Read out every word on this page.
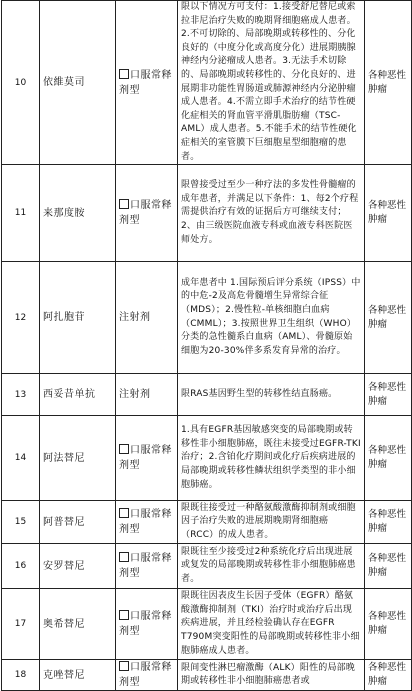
10	依維莫司	口服常释剂型	限以下情况方可支付：1.接受舒尼替尼或索拉非尼治疗失败的晚期肾细胞癌成人患者。2.不可切除的、局部晚期或转移性的、分化良好的（中度分化或高度分化）进展期胰腺神经内分泌瘤成人患者。3.无法手术切除的、局部晚期或转移性的、分化良好的、进展期非功能性胃肠道或肺源神经内分泌肿瘤成人患者。4.不需立即手术治疗的结节性硬化症相关的肾血管平滑肌脂肪瘤（TSC-AML）成人患者。5.不能手术的结节性硬化症相关的室管膜下巨细胞星型细胞瘤的患者。	各种恶性肿瘤
11	来那度胺	口服常释剂型	限曾接受过至少一种疗法的多发性骨髓瘤的成年患者，并满足以下条件：1、每2个疗程需提供治疗有效的证据后方可继续支付；2、由三级医院血液专科或血液专科医院医师处方。	各种恶性肿瘤
12	阿扎胞苷	注射剂	成年患者中 1.国际预后评分系统（IPSS）中的中危-2及高危骨髓增生异常综合征（MDS）；2.慢性粒-单核细胞白血病（CMML）；3.按照世界卫生组织（WHO）分类的急性髓系白血病（AML）、骨髓原始细胞为20-30%伴多系发育异常的治疗。	各种恶性肿瘤
13	西妥昔单抗	注射剂	限RAS基因野生型的转移性结直肠癌。	各种恶性肿瘤
14	阿法替尼	口服常释剂型	1.具有EGFR基因敏感突变的局部晚期或转移性非小细胞肺癌，既往未接受过EGFR-TKI治疗；2.含铂化疗期间或化疗后疾病进展的局部晚期或转移性鳞状组织学类型的非小细胞肺癌。	各种恶性肿瘤
15	阿普替尼	口服常释剂型	限既往接受过一种酪氨酸激酶抑制剂或细胞因子治疗失败的进展期晚期肾细胞癌（RCC）的成人患者。	各种恶性肿瘤
16	安罗替尼	口服常释剂型	限既往至少接受过2种系统化疗后出现进展或复发的局部晚期或转移性非小细胞肺癌患者。	各种恶性肿瘤
17	奥希替尼	口服常释剂型	限既往因表皮生长因子受体（EGFR）酪氨酸激酶抑制剂（TKI）治疗时或治疗后出现疾病进展，并且经检验确认存在EGFR T790M突变阳性的局部晚期或转移性非小细胞肺癌成人患者。	各种恶性肿瘤
18	克唑替尼	口服常释剂型	限间变性淋巴瘤激酶（ALK）阳性的局部晚期或转移性非小细胞肺癌患者或	各种恶性肿瘤
